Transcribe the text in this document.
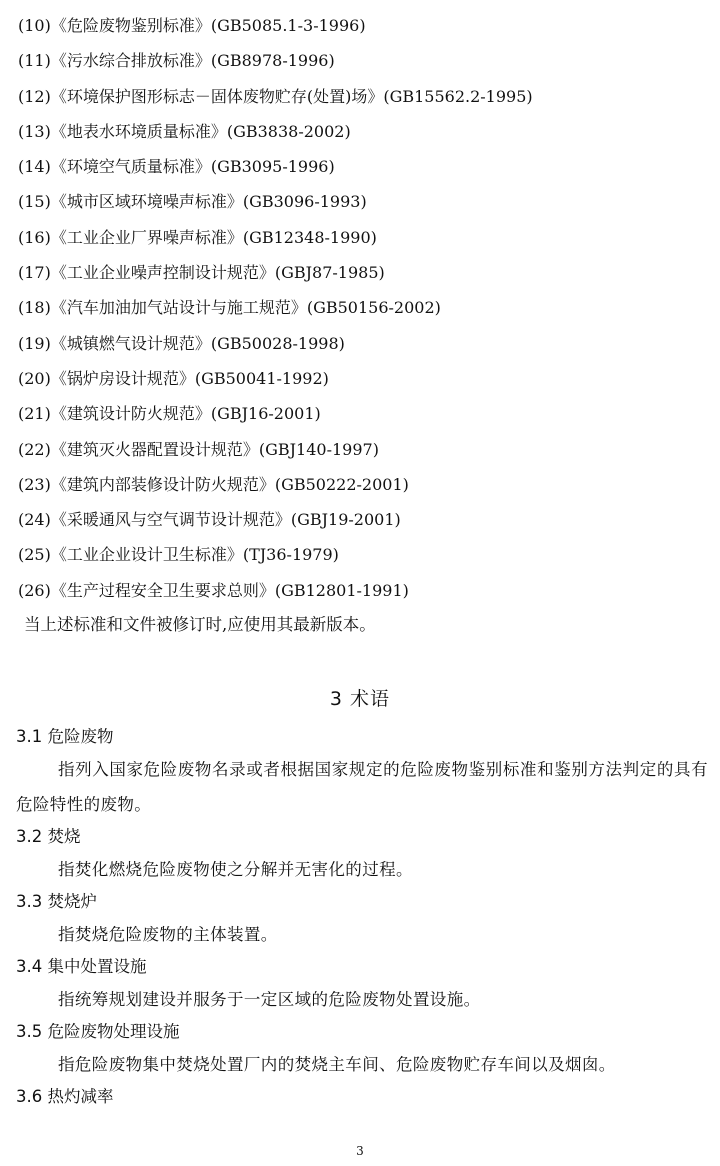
(10)《危险废物鉴别标准》(GB5085.1-3-1996)
(11)《污水综合排放标准》(GB8978-1996)
(12)《环境保护图形标志－固体废物贮存(处置)场》(GB15562.2-1995)
(13)《地表水环境质量标准》(GB3838-2002)
(14)《环境空气质量标准》(GB3095-1996)
(15)《城市区域环境噪声标准》(GB3096-1993)
(16)《工业企业厂界噪声标准》(GB12348-1990)
(17)《工业企业噪声控制设计规范》(GBJ87-1985)
(18)《汽车加油加气站设计与施工规范》(GB50156-2002)
(19)《城镇燃气设计规范》(GB50028-1998)
(20)《锅炉房设计规范》(GB50041-1992)
(21)《建筑设计防火规范》(GBJ16-2001)
(22)《建筑灭火器配置设计规范》(GBJ140-1997)
(23)《建筑内部装修设计防火规范》(GB50222-2001)
(24)《采暖通风与空气调节设计规范》(GBJ19-2001)
(25)《工业企业设计卫生标准》(TJ36-1979)
(26)《生产过程安全卫生要求总则》(GB12801-1991)
当上述标准和文件被修订时,应使用其最新版本。
3 术语
3.1 危险废物
指列入国家危险废物名录或者根据国家规定的危险废物鉴别标准和鉴别方法判定的具有危险特性的废物。
3.2 焚烧
指焚化燃烧危险废物使之分解并无害化的过程。
3.3 焚烧炉
指焚烧危险废物的主体装置。
3.4 集中处置设施
指统筹规划建设并服务于一定区域的危险废物处置设施。
3.5 危险废物处理设施
指危险废物集中焚烧处置厂内的焚烧主车间、危险废物贮存车间以及烟囱。
3.6 热灼减率
3
